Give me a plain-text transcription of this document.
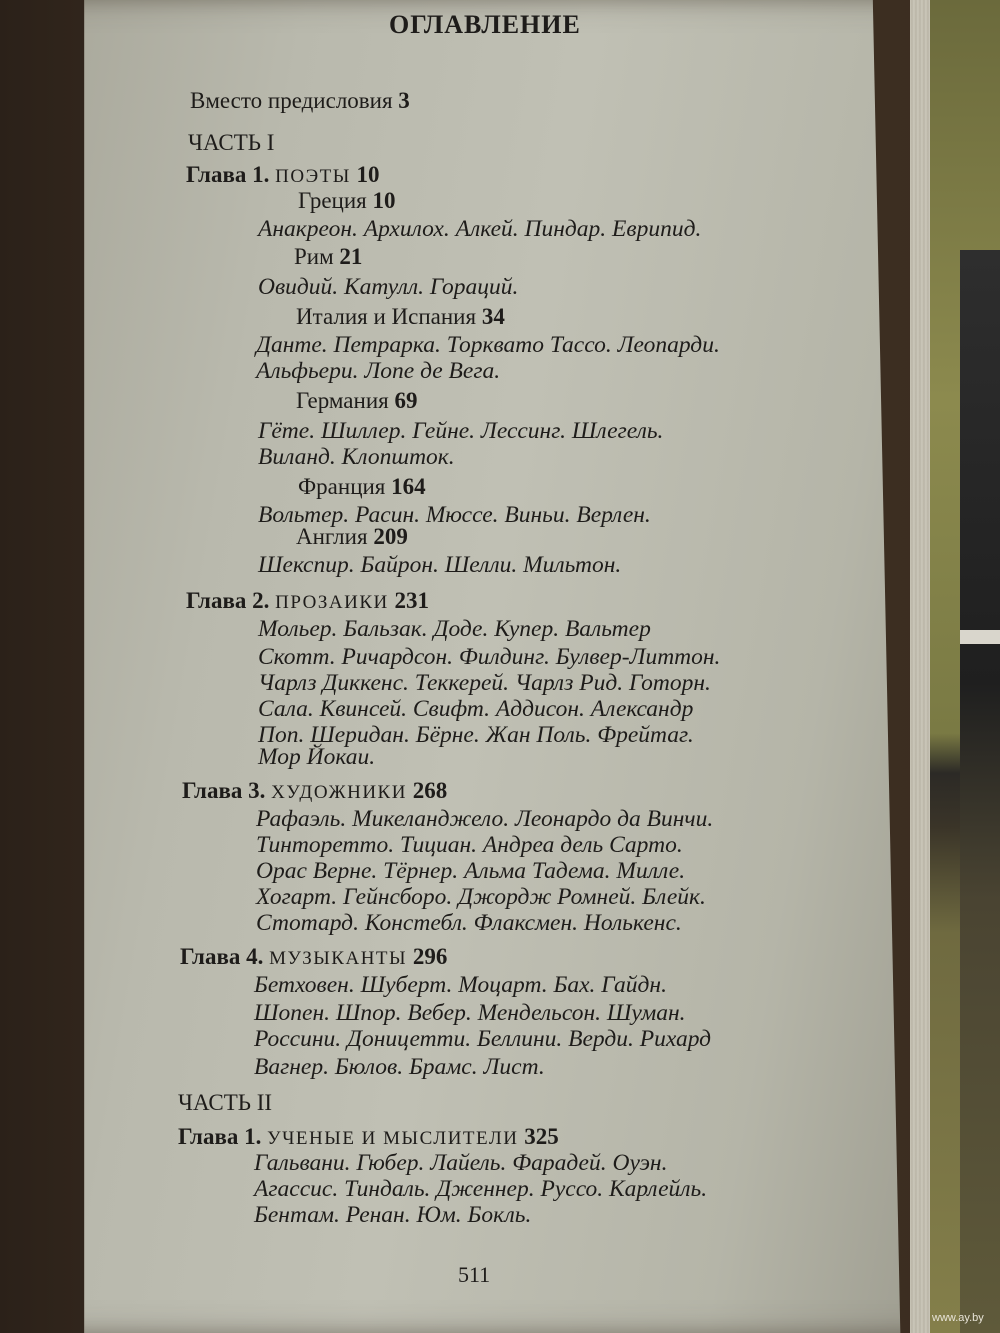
ОГЛАВЛЕНИЕ
Вместо предисловия 3
ЧАСТЬ I
Глава 1. ПОЭТЫ 10
Греция 10
Анакреон. Архилох. Алкей. Пиндар. Еврипид.
Рим 21
Овидий. Катулл. Гораций.
Италия и Испания 34
Данте. Петрарка. Торквато Тассо. Леопарди.
Альфьери. Лопе де Вега.
Германия 69
Гёте. Шиллер. Гейне. Лессинг. Шлегель.
Виланд. Клопшток.
Франция 164
Вольтер. Расин. Мюссе. Виньи. Верлен.
Англия 209
Шекспир. Байрон. Шелли. Мильтон.
Глава 2. ПРОЗАИКИ 231
Мольер. Бальзак. Доде. Купер. Вальтер
Скотт. Ричардсон. Филдинг. Булвер-Литтон.
Чарлз Диккенс. Теккерей. Чарлз Рид. Готорн.
Сала. Квинсей. Свифт. Аддисон. Александр
Поп. Шеридан. Бёрне. Жан Поль. Фрейтаг.
Мор Йокаи.
Глава 3. ХУДОЖНИКИ 268
Рафаэль. Микеланджело. Леонардо да Винчи.
Тинторетто. Тициан. Андреа дель Сарто.
Орас Верне. Тёрнер. Альма Тадема. Милле.
Хогарт. Гейнсборо. Джордж Ромней. Блейк.
Стотард. Констебл. Флаксмен. Нолькенс.
Глава 4. МУЗЫКАНТЫ 296
Бетховен. Шуберт. Моцарт. Бах. Гайдн.
Шопен. Шпор. Вебер. Мендельсон. Шуман.
Россини. Доницетти. Беллини. Верди. Рихард
Вагнер. Бюлов. Брамс. Лист.
ЧАСТЬ II
Глава 1. УЧЕНЫЕ И МЫСЛИТЕЛИ 325
Гальвани. Гюбер. Лайель. Фарадей. Оуэн.
Агассис. Тиндаль. Дженнер. Руссо. Карлейль.
Бентам. Ренан. Юм. Бокль.
511
www.ay.by
